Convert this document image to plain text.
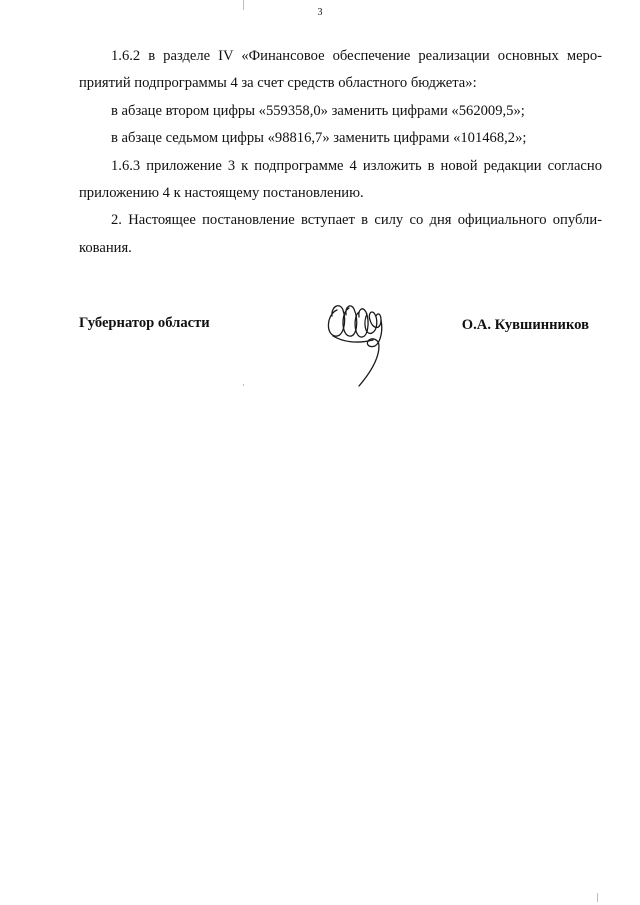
3

1.6.2 в разделе IV «Финансовое обеспечение реализации основных меро-
приятий подпрограммы 4 за счет средств областного бюджета»:

в абзаце втором цифры «559358,0» заменить цифрами «562009,5»;

в абзаце седьмом цифры «98816,7» заменить цифрами «101468,2»;

1.6.3 приложение 3 к подпрограмме 4 изложить в новой редакции согласно
приложению 4 к настоящему постановлению.

2. Настоящее постановление вступает в силу со дня официального опубли-
кования.

Губернатор области	О.А. Кувшинников
